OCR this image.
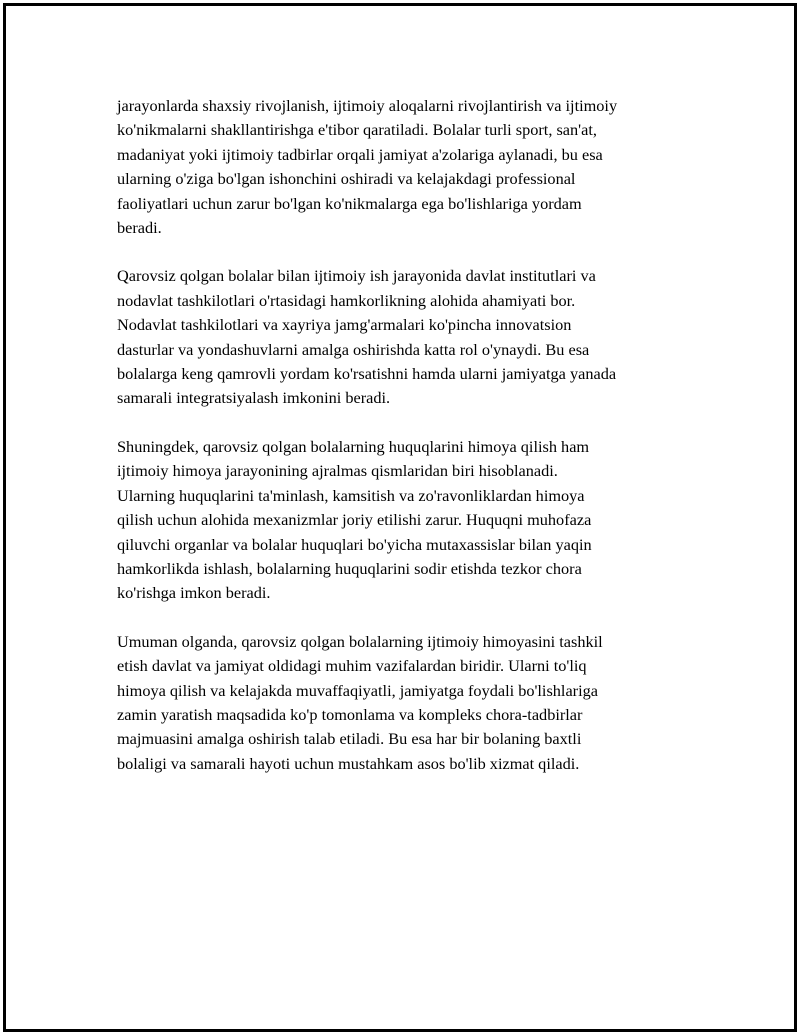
jarayonlarda shaxsiy rivojlanish, ijtimoiy aloqalarni rivojlantirish va ijtimoiy
ko'nikmalarni shakllantirishga e'tibor qaratiladi. Bolalar turli sport, san'at,
madaniyat yoki ijtimoiy tadbirlar orqali jamiyat a'zolariga aylanadi, bu esa
ularning o'ziga bo'lgan ishonchini oshiradi va kelajakdagi professional
faoliyatlari uchun zarur bo'lgan ko'nikmalarga ega bo'lishlariga yordam
beradi.

Qarovsiz qolgan bolalar bilan ijtimoiy ish jarayonida davlat institutlari va
nodavlat tashkilotlari o'rtasidagi hamkorlikning alohida ahamiyati bor.
Nodavlat tashkilotlari va xayriya jamg'armalari ko'pincha innovatsion
dasturlar va yondashuvlarni amalga oshirishda katta rol o'ynaydi. Bu esa
bolalarga keng qamrovli yordam ko'rsatishni hamda ularni jamiyatga yanada
samarali integratsiyalash imkonini beradi.

Shuningdek, qarovsiz qolgan bolalarning huquqlarini himoya qilish ham
ijtimoiy himoya jarayonining ajralmas qismlaridan biri hisoblanadi.
Ularning huquqlarini ta'minlash, kamsitish va zo'ravonliklardan himoya
qilish uchun alohida mexanizmlar joriy etilishi zarur. Huquqni muhofaza
qiluvchi organlar va bolalar huquqlari bo'yicha mutaxassislar bilan yaqin
hamkorlikda ishlash, bolalarning huquqlarini sodir etishda tezkor chora
ko'rishga imkon beradi.

Umuman olganda, qarovsiz qolgan bolalarning ijtimoiy himoyasini tashkil
etish davlat va jamiyat oldidagi muhim vazifalardan biridir. Ularni to'liq
himoya qilish va kelajakda muvaffaqiyatli, jamiyatga foydali bo'lishlariga
zamin yaratish maqsadida ko'p tomonlama va kompleks chora-tadbirlar
majmuasini amalga oshirish talab etiladi. Bu esa har bir bolaning baxtli
bolaligi va samarali hayoti uchun mustahkam asos bo'lib xizmat qiladi.
